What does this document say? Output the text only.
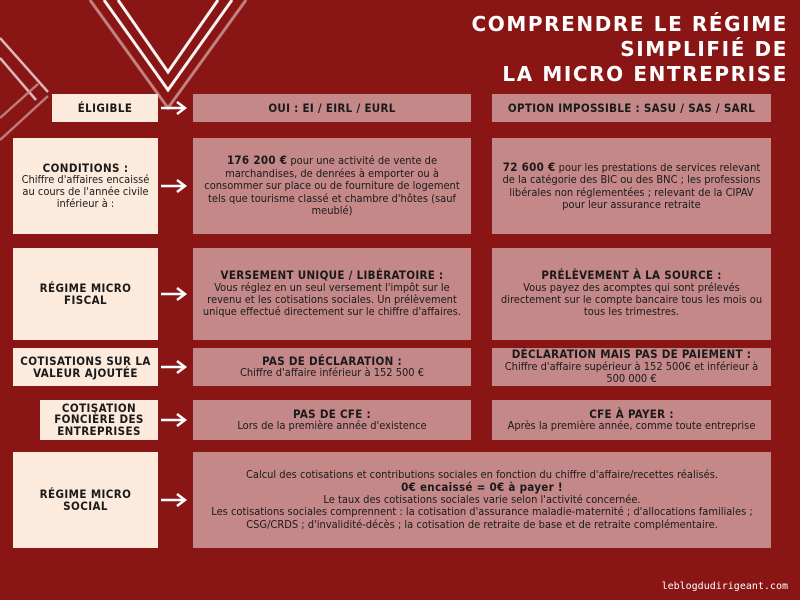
COMPRENDRE LE RÉGIME SIMPLIFIÉ DE
LA MICRO ENTREPRISE
ÉLIGIBLE	OUI : EI / EIRL / EURL	OPTION IMPOSSIBLE : SASU / SAS / SARL
CONDITIONS :
Chiffre d'affaires encaissé au cours de l'année civile inférieur à :
176 200 € pour une activité de vente de marchandises, de denrées à emporter ou à consommer sur place ou de fourniture de logement tels que tourisme classé et chambre d'hôtes (sauf meublé)
72 600 € pour les prestations de services relevant de la catégorie des BIC ou des BNC ; les professions libérales non réglementées ; relevant de la CIPAV pour leur assurance retraite
RÉGIME MICRO FISCAL
VERSEMENT UNIQUE / LIBÉRATOIRE :
Vous réglez en un seul versement l'impôt sur le revenu et les cotisations sociales. Un prélèvement unique effectué directement sur le chiffre d'affaires.
PRÉLÈVEMENT À LA SOURCE :
Vous payez des acomptes qui sont prélevés directement sur le compte bancaire tous les mois ou tous les trimestres.
COTISATIONS SUR LA VALEUR AJOUTÉE
PAS DE DÉCLARATION :
Chiffre d'affaire inférieur à 152 500 €
DÉCLARATION MAIS PAS DE PAIEMENT :
Chiffre d'affaire supérieur à 152 500€ et inférieur à 500 000 €
COTISATION FONCIÈRE DES ENTREPRISES
PAS DE CFE :
Lors de la première année d'existence
CFE À PAYER :
Après la première année, comme toute entreprise
RÉGIME MICRO SOCIAL
Calcul des cotisations et contributions sociales en fonction du chiffre d'affaire/recettes réalisés.
0€ encaissé = 0€ à payer !
Le taux des cotisations sociales varie selon l'activité concernée.
Les cotisations sociales comprennent : la cotisation d'assurance maladie-maternité ; d'allocations familiales ; CSG/CRDS ; d'invalidité-décès ; la cotisation de retraite de base et de retraite complémentaire.
leblogdudirigeant.com
